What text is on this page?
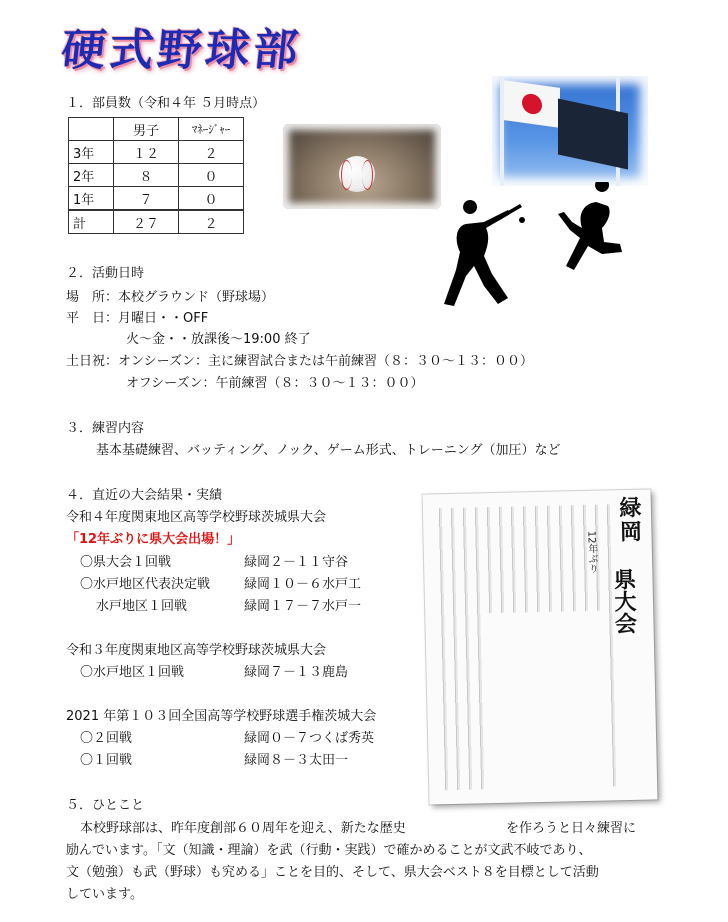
硬式野球部
１．部員数（令和４年 ５月時点）
	男子	ﾏﾈｰｼﾞｬｰ
3年	１２	２
2年	８	０
1年	７	０
計	２７	２
２．活動日時
場　所：本校グラウンド（野球場）
平　日：月曜日・・OFF
火～金・・放課後～19:00 終了
土日祝：オンシーズン：主に練習試合または午前練習（８：３０～１３：００）
オフシーズン：午前練習（８：３０～１３：００）
３．練習内容
基本基礎練習、バッティング、ノック、ゲーム形式、トレーニング（加圧）など
４．直近の大会結果・実績
令和４年度関東地区高等学校野球茨城県大会
「12年ぶりに県大会出場！」
〇県大会１回戦	緑岡２－１１守谷
〇水戸地区代表決定戦	緑岡１０－６水戸工
水戸地区１回戦	緑岡１７－７水戸一
令和３年度関東地区高等学校野球茨城県大会
〇水戸地区１回戦	緑岡７－１３鹿島
2021 年第１０３回全国高等学校野球選手権茨城大会
〇２回戦	緑岡０－７つくば秀英
〇１回戦	緑岡８－３太田一
緑岡
12年ぶり
県大会
５．ひとこと
本校野球部は、昨年度創部６０周年を迎え、新たな歴史	を作ろうと日々練習に
励んでいます。「文（知識・理論）を武（行動・実践）で確かめることが文武不岐であり、
文（勉強）も武（野球）も究める」ことを目的、そして、県大会ベスト８を目標として活動
しています。
